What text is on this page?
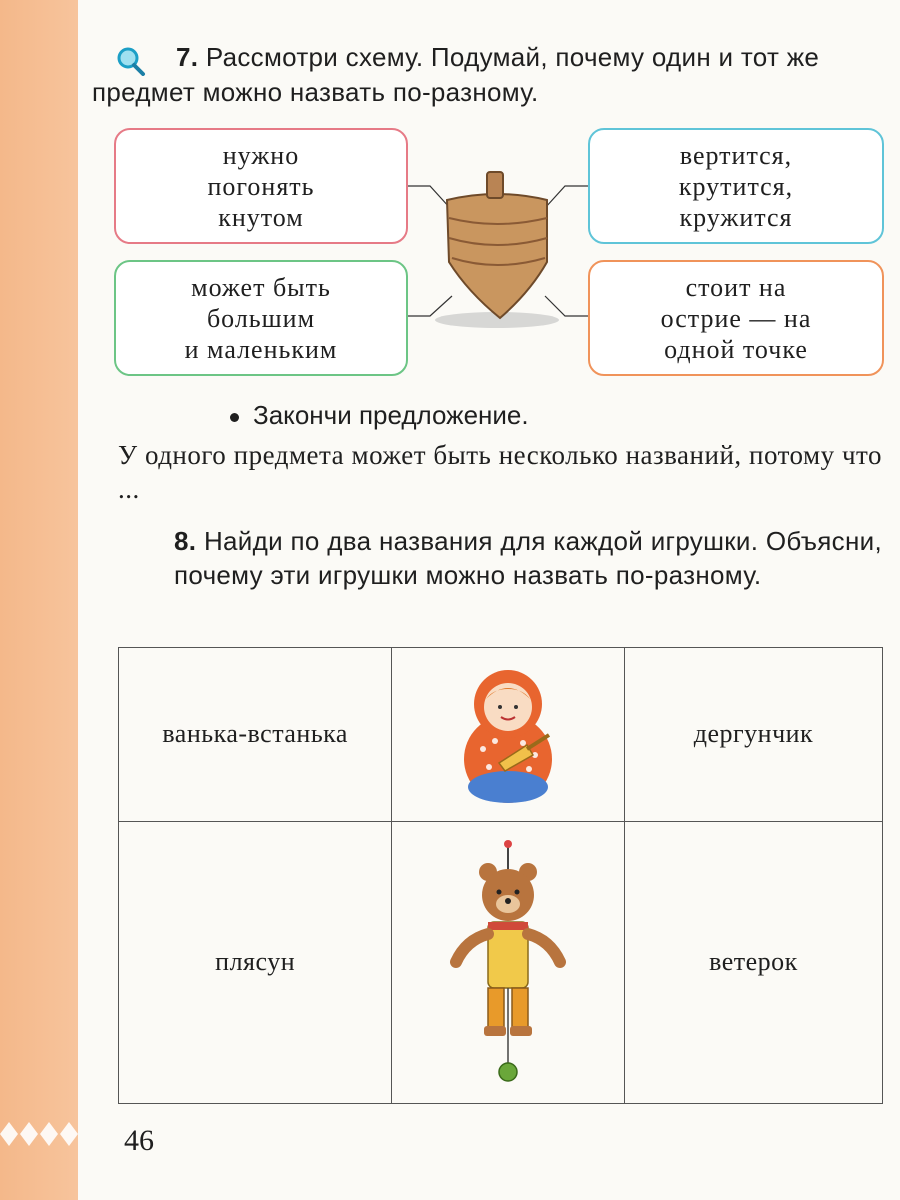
7. Рассмотри схему. Подумай, почему один и тот же предмет можно назвать по-разному.
нужно
погонять
кнутом
вертится,
крутится,
кружится
может быть
большим
и маленьким
стоит на
острие — на
одной точке
Закончи предложение.
У одного предмета может быть несколько названий, потому что ...
8. Найди по два названия для каждой игрушки. Объясни, почему эти игрушки можно назвать по-разному.
ванька-встанька		дергунчик
плясун		ветерок
46
